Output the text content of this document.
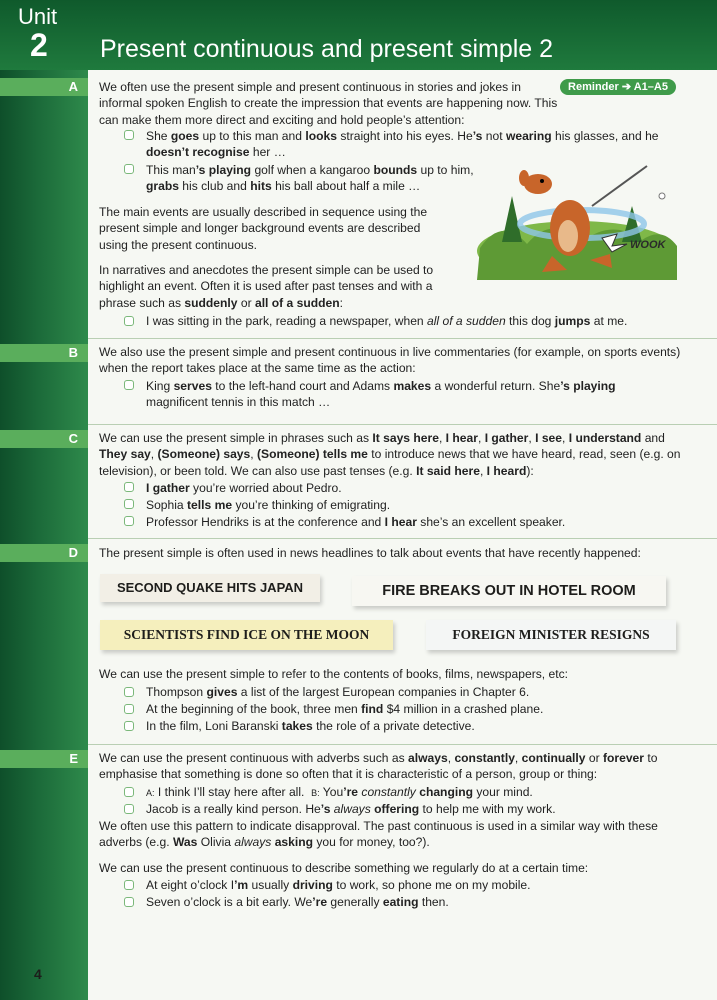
Unit
2 Present continuous and present simple 2
A
B
C
D
E
Reminder ➔ A1–A5
We often use the present simple and present continuous in stories and jokes in informal spoken English to create the impression that events are happening now. This can make them more direct and exciting and hold people’s attention:
She goes up to this man and looks straight into his eyes. He’s not wearing his glasses, and he doesn’t recognise her …
This man’s playing golf when a kangaroo bounds up to him, grabs his club and hits his ball about half a mile …
The main events are usually described in sequence using the present simple and longer background events are described using the present continuous.
In narratives and anecdotes the present simple can be used to highlight an event. Often it is used after past tenses and with a phrase such as suddenly or all of a sudden:
I was sitting in the park, reading a newspaper, when all of a sudden this dog jumps at me.
WOOK
We also use the present simple and present continuous in live commentaries (for example, on sports events) when the report takes place at the same time as the action:
King serves to the left-hand court and Adams makes a wonderful return. She’s playing magnificent tennis in this match …
We can use the present simple in phrases such as It says here, I hear, I gather, I see, I understand and They say, (Someone) says, (Someone) tells me to introduce news that we have heard, read, seen (e.g. on television), or been told. We can also use past tenses (e.g. It said here, I heard):
I gather you’re worried about Pedro.
Sophia tells me you’re thinking of emigrating.
Professor Hendriks is at the conference and I hear she’s an excellent speaker.
The present simple is often used in news headlines to talk about events that have recently happened:
SECOND QUAKE HITS JAPAN	FIRE BREAKS OUT IN HOTEL ROOM
SCIENTISTS FIND ICE ON THE MOON	FOREIGN MINISTER RESIGNS
We can use the present simple to refer to the contents of books, films, newspapers, etc:
Thompson gives a list of the largest European companies in Chapter 6.
At the beginning of the book, three men find $4 million in a crashed plane.
In the film, Loni Baranski takes the role of a private detective.
We can use the present continuous with adverbs such as always, constantly, continually or forever to emphasise that something is done so often that it is characteristic of a person, group or thing:
A: I think I’ll stay here after all.  B: You’re constantly changing your mind.
Jacob is a really kind person. He’s always offering to help me with my work.
We often use this pattern to indicate disapproval. The past continuous is used in a similar way with these adverbs (e.g. Was Olivia always asking you for money, too?).
We can use the present continuous to describe something we regularly do at a certain time:
At eight o’clock I’m usually driving to work, so phone me on my mobile.
Seven o’clock is a bit early. We’re generally eating then.
4
